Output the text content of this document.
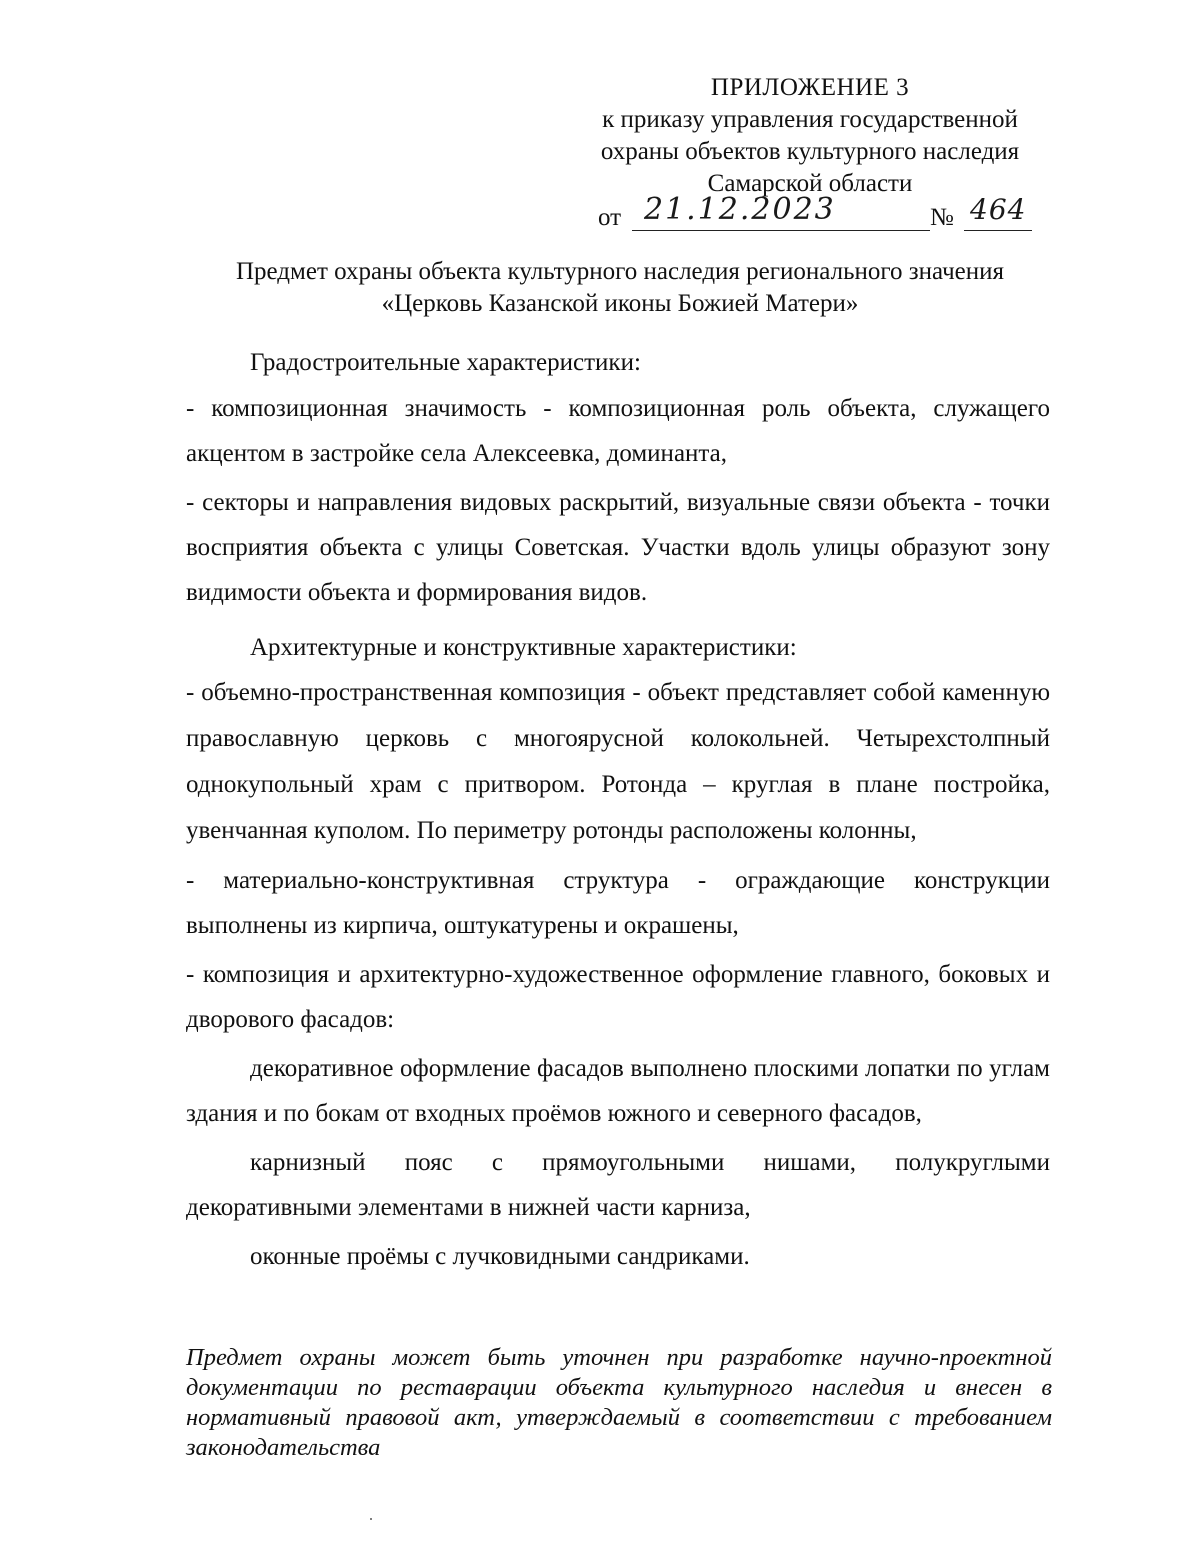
ПРИЛОЖЕНИЕ 3
к приказу управления государственной
охраны объектов культурного наследия
Самарской области
от 21.12.2023	№ 464
Предмет охраны объекта культурного наследия регионального значения
«Церковь Казанской иконы Божией Матери»

Градостроительные характеристики:

- композиционная значимость - композиционная роль объекта, служащего акцентом в застройке села Алексеевка, доминанта,

- секторы и направления видовых раскрытий, визуальные связи объекта - точки восприятия объекта с улицы Советская. Участки вдоль улицы образуют зону видимости объекта и формирования видов.

Архитектурные и конструктивные характеристики:

- объемно-пространственная композиция - объект представляет собой каменную православную церковь с многоярусной колокольней. Четырехстолпный однокупольный храм с притвором. Ротонда – круглая в плане постройка, увенчанная куполом. По периметру ротонды расположены колонны,

- материально-конструктивная структура - ограждающие конструкции выполнены из кирпича, оштукатурены и окрашены,

- композиция и архитектурно-художественное оформление главного, боковых и дворового фасадов:

декоративное оформление фасадов выполнено плоскими лопатки по углам здания и по бокам от входных проёмов южного и северного фасадов,

карнизный пояс с прямоугольными нишами, полукруглыми декоративными элементами в нижней части карниза,

оконные проёмы с лучковидными сандриками.

Предмет охраны может быть уточнен при разработке научно-проектной документации по реставрации объекта культурного наследия и внесен в нормативный правовой акт, утверждаемый в соответствии с требованием законодательства
